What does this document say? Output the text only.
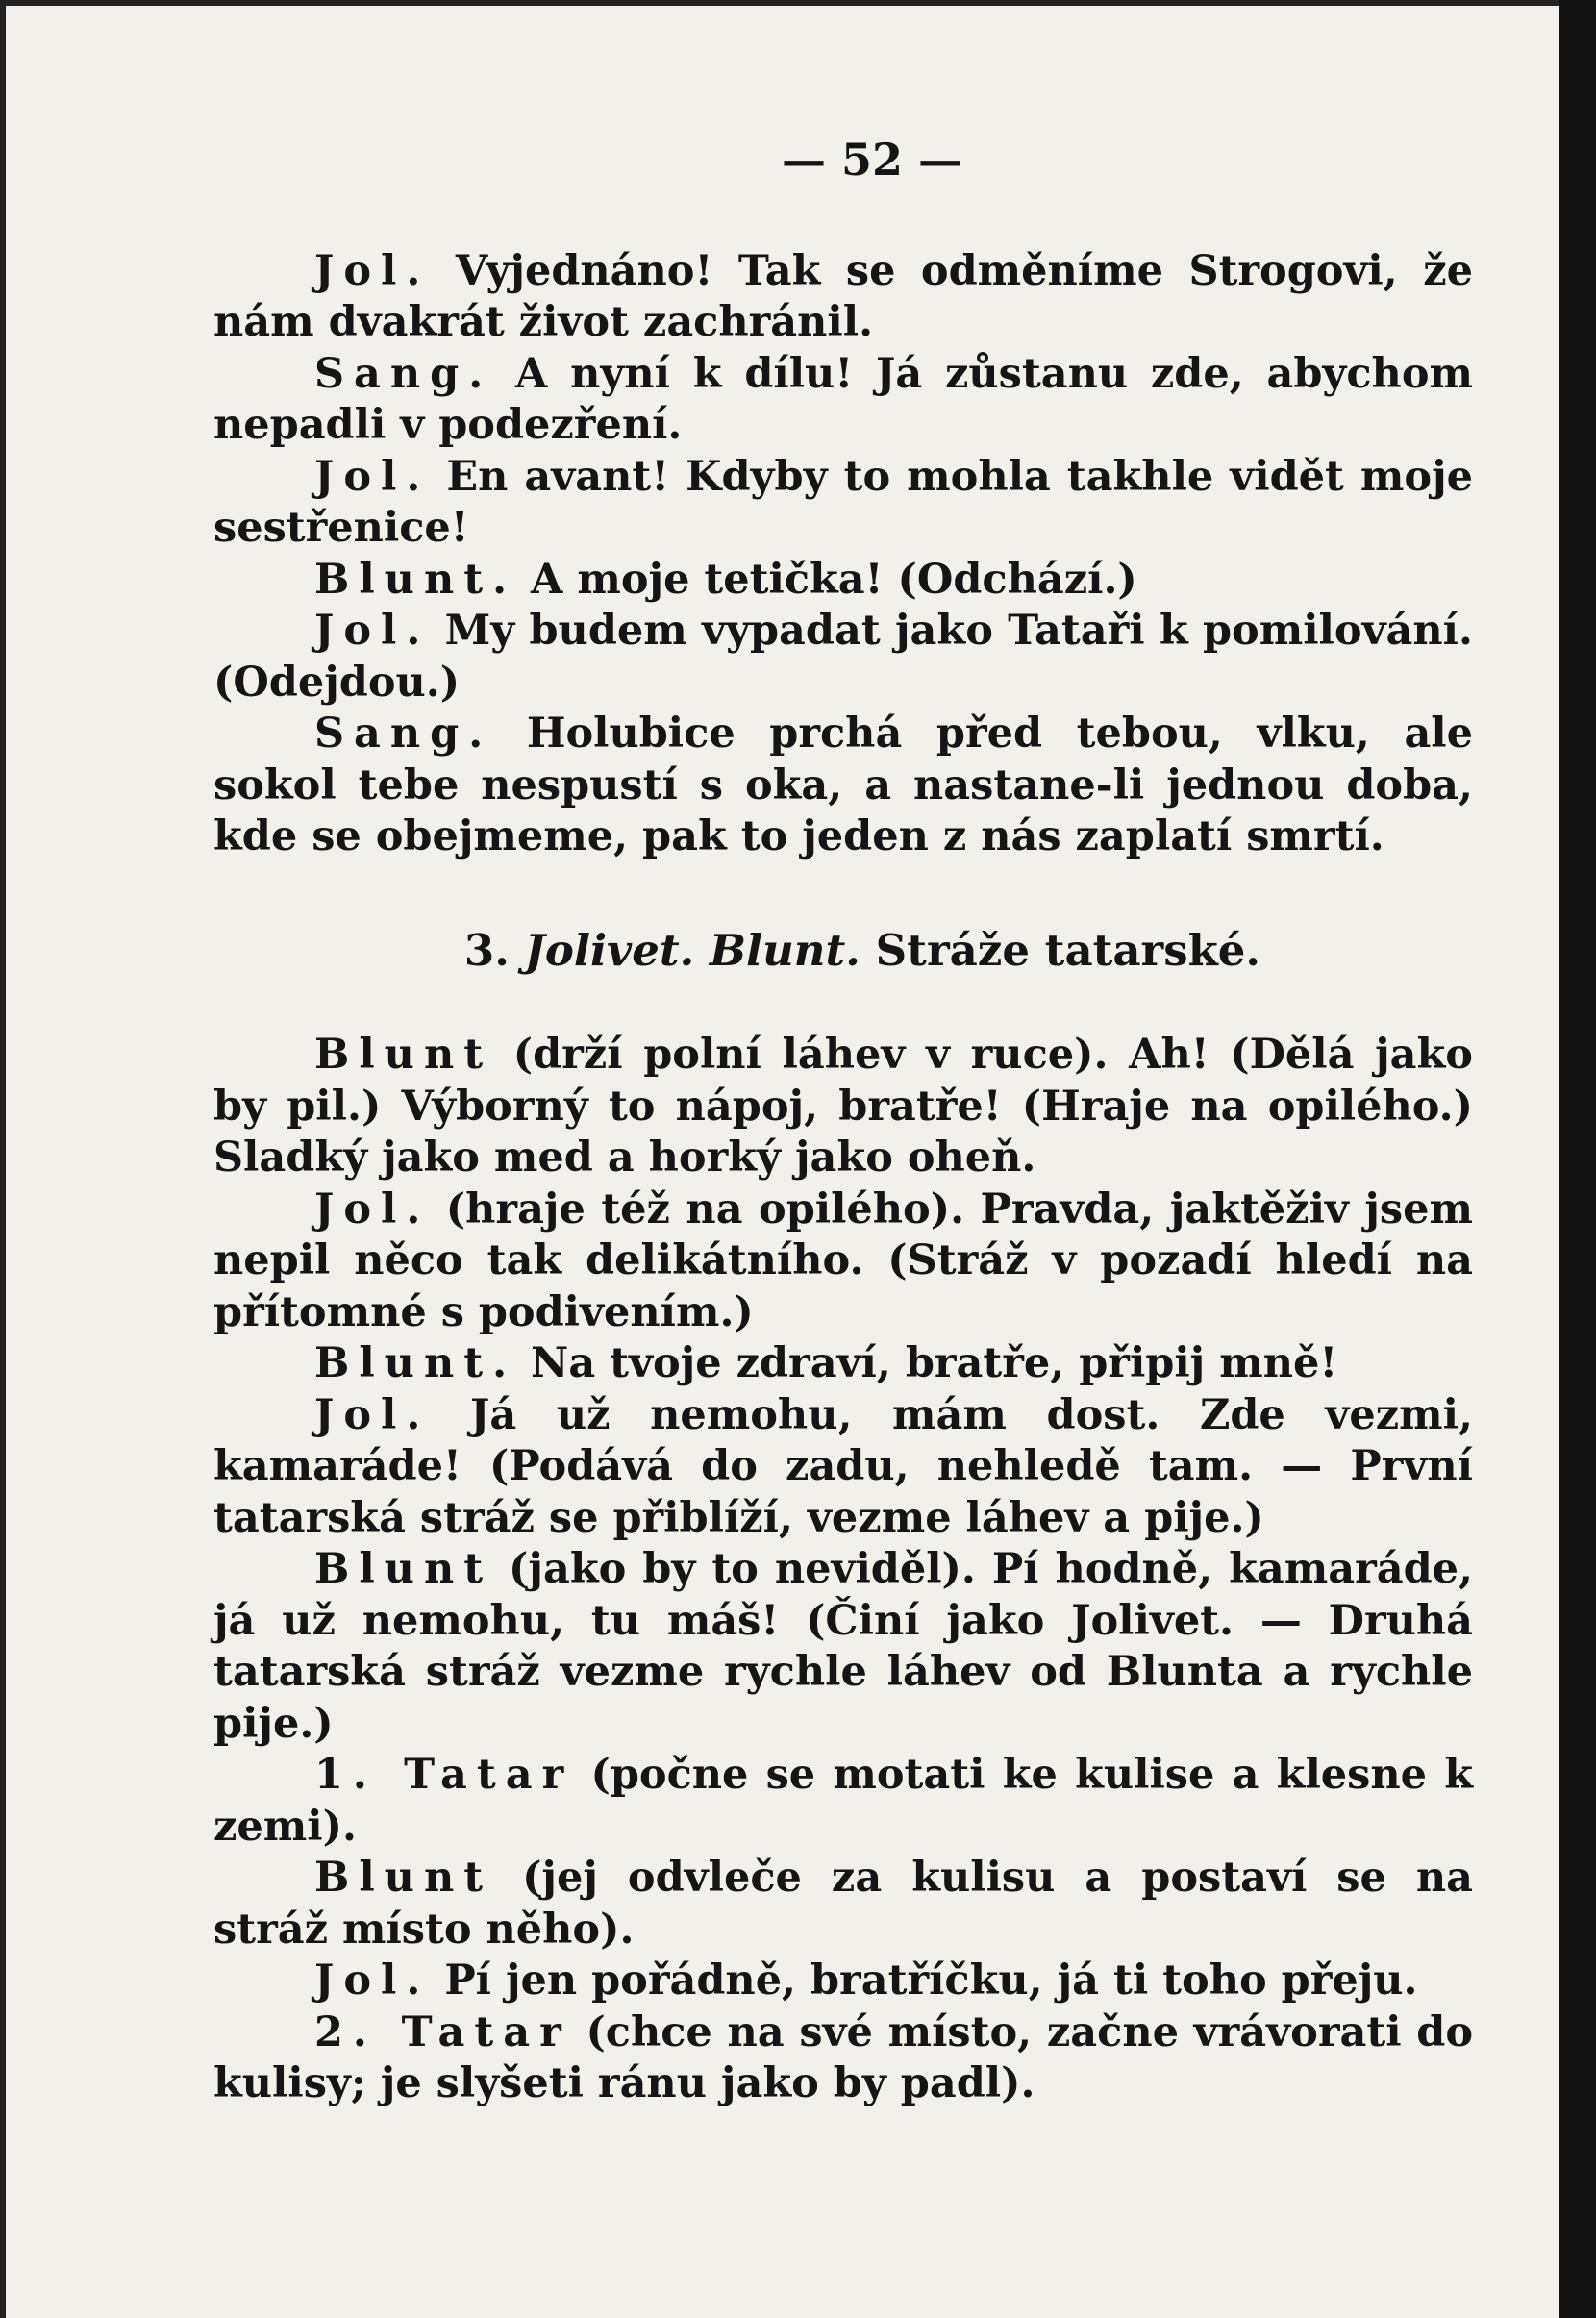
— 52 —

Jol. Vyjednáno! Tak se odměníme Strogovi, že nám dvakrát život zachránil.

Sang. A nyní k dílu! Já zůstanu zde, abychom nepadli v podezření.

Jol. En avant! Kdyby to mohla takhle vidět moje sestřenice!

Blunt. A moje tetička! (Odchází.)

Jol. My budem vypadat jako Tataři k pomilování. (Odejdou.)

Sang. Holubice prchá před tebou, vlku, ale sokol tebe nespustí s oka, a nastane-li jednou doba, kde se obejmeme, pak to jeden z nás zaplatí smrtí.

3. Jolivet. Blunt. Stráže tatarské.

Blunt (drží polní láhev v ruce). Ah! (Dělá jako by pil.) Výborný to nápoj, bratře! (Hraje na opilého.) Sladký jako med a horký jako oheň.

Jol. (hraje též na opilého). Pravda, jaktěživ jsem nepil něco tak delikátního. (Stráž v pozadí hledí na přítomné s podivením.)

Blunt. Na tvoje zdraví, bratře, připij mně!

Jol. Já už nemohu, mám dost. Zde vezmi, kamaráde! (Podává do zadu, nehledě tam. — První tatarská stráž se přiblíží, vezme láhev a pije.)

Blunt (jako by to neviděl). Pí hodně, kamaráde, já už nemohu, tu máš! (Činí jako Jolivet. — Druhá tatarská stráž vezme rychle láhev od Blunta a rychle pije.)

1. Tatar (počne se motati ke kulise a klesne k zemi).

Blunt (jej odvleče za kulisu a postaví se na stráž místo něho).

Jol. Pí jen pořádně, bratříčku, já ti toho přeju.

2. Tatar (chce na své místo, začne vrávorati do kulisy; je slyšeti ránu jako by padl).
